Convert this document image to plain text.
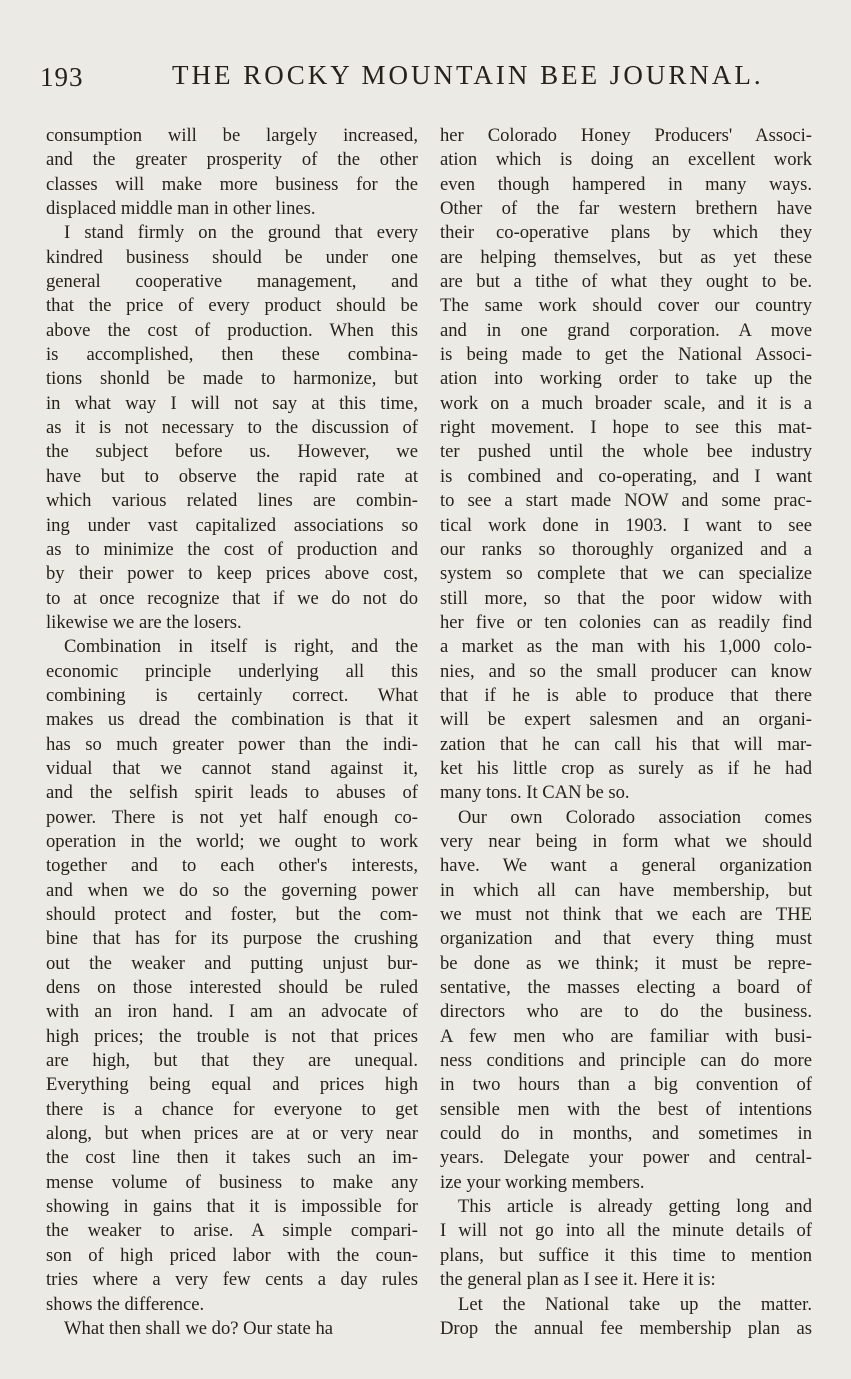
193	THE ROCKY MOUNTAIN BEE JOURNAL.
consumption will be largely increased,
and the greater prosperity of the other
classes will make more business for the
displaced middle man in other lines.
I stand firmly on the ground that every
kindred business should be under one
general cooperative management, and
that the price of every product should be
above the cost of production. When this
is accomplished, then these combina-
tions shonld be made to harmonize, but
in what way I will not say at this time,
as it is not necessary to the discussion of
the subject before us. However, we
have but to observe the rapid rate at
which various related lines are combin-
ing under vast capitalized associations so
as to minimize the cost of production and
by their power to keep prices above cost,
to at once recognize that if we do not do
likewise we are the losers.
Combination in itself is right, and the
economic principle underlying all this
combining is certainly correct. What
makes us dread the combination is that it
has so much greater power than the indi-
vidual that we cannot stand against it,
and the selfish spirit leads to abuses of
power. There is not yet half enough co-
operation in the world; we ought to work
together and to each other's interests,
and when we do so the governing power
should protect and foster, but the com-
bine that has for its purpose the crushing
out the weaker and putting unjust bur-
dens on those interested should be ruled
with an iron hand. I am an advocate of
high prices; the trouble is not that prices
are high, but that they are unequal.
Everything being equal and prices high
there is a chance for everyone to get
along, but when prices are at or very near
the cost line then it takes such an im-
mense volume of business to make any
showing in gains that it is impossible for
the weaker to arise. A simple compari-
son of high priced labor with the coun-
tries where a very few cents a day rules
shows the difference.
What then shall we do? Our state ha
her Colorado Honey Producers' Associ-
ation which is doing an excellent work
even though hampered in many ways.
Other of the far western brethern have
their co-operative plans by which they
are helping themselves, but as yet these
are but a tithe of what they ought to be.
The same work should cover our country
and in one grand corporation. A move
is being made to get the National Associ-
ation into working order to take up the
work on a much broader scale, and it is a
right movement. I hope to see this mat-
ter pushed until the whole bee industry
is combined and co-operating, and I want
to see a start made NOW and some prac-
tical work done in 1903. I want to see
our ranks so thoroughly organized and a
system so complete that we can specialize
still more, so that the poor widow with
her five or ten colonies can as readily find
a market as the man with his 1,000 colo-
nies, and so the small producer can know
that if he is able to produce that there
will be expert salesmen and an organi-
zation that he can call his that will mar-
ket his little crop as surely as if he had
many tons. It CAN be so.
Our own Colorado association comes
very near being in form what we should
have. We want a general organization
in which all can have membership, but
we must not think that we each are THE
organization and that every thing must
be done as we think; it must be repre-
sentative, the masses electing a board of
directors who are to do the business.
A few men who are familiar with busi-
ness conditions and principle can do more
in two hours than a big convention of
sensible men with the best of intentions
could do in months, and sometimes in
years. Delegate your power and central-
ize your working members.
This article is already getting long and
I will not go into all the minute details of
plans, but suffice it this time to mention
the general plan as I see it. Here it is:
Let the National take up the matter.
Drop the annual fee membership plan as
